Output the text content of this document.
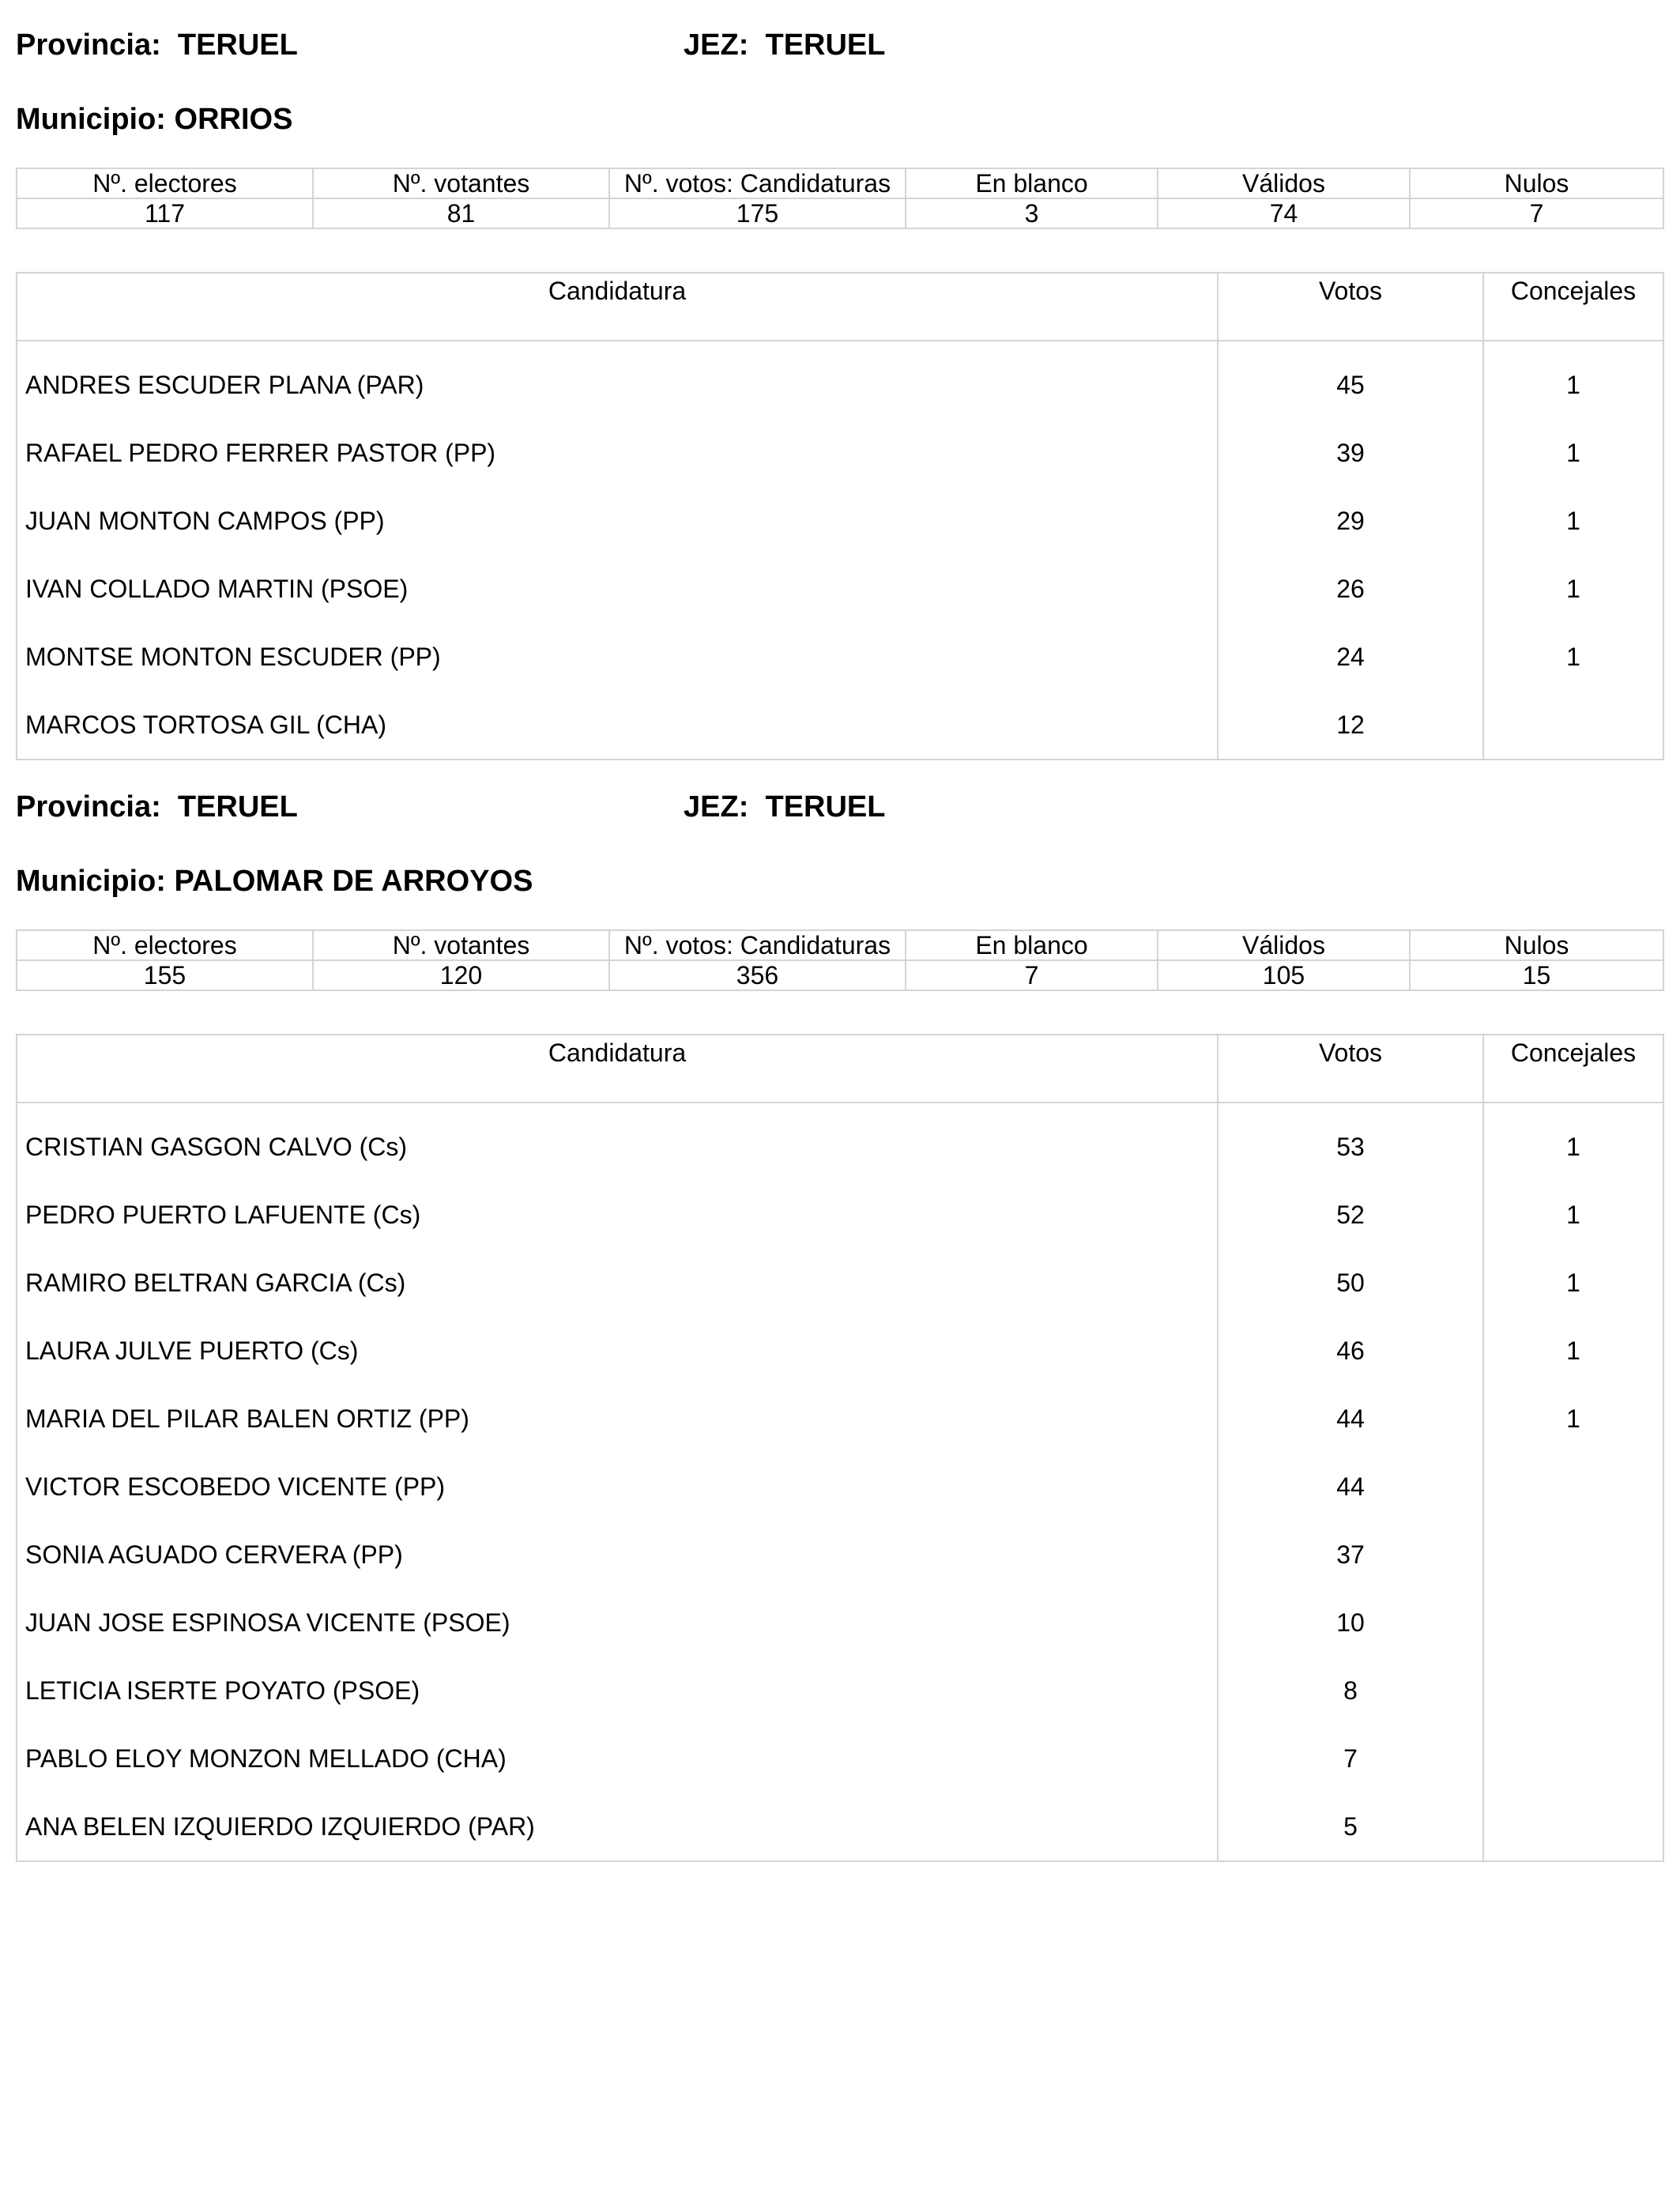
Provincia: TERUEL	JEZ: TERUEL
Municipio: ORRIOS
Nº. electores	Nº. votantes	Nº. votos: Candidaturas	En blanco	Válidos	Nulos
117	81	175	3	74	7
Candidatura	Votos	Concejales

ANDRES ESCUDER PLANA (PAR)	45	1
RAFAEL PEDRO FERRER PASTOR (PP)	39	1
JUAN MONTON CAMPOS (PP)	29	1
IVAN COLLADO MARTIN (PSOE)	26	1
MONTSE MONTON ESCUDER (PP)	24	1
MARCOS TORTOSA GIL (CHA)	12	
Provincia: TERUEL	JEZ: TERUEL
Municipio: PALOMAR DE ARROYOS
Nº. electores	Nº. votantes	Nº. votos: Candidaturas	En blanco	Válidos	Nulos
155	120	356	7	105	15
Candidatura	Votos	Concejales

CRISTIAN GASGON CALVO (Cs)	53	1
PEDRO PUERTO LAFUENTE (Cs)	52	1
RAMIRO BELTRAN GARCIA (Cs)	50	1
LAURA JULVE PUERTO (Cs)	46	1
MARIA DEL PILAR BALEN ORTIZ (PP)	44	1
VICTOR ESCOBEDO VICENTE (PP)	44	
SONIA AGUADO CERVERA (PP)	37	
JUAN JOSE ESPINOSA VICENTE (PSOE)	10	
LETICIA ISERTE POYATO (PSOE)	8	
PABLO ELOY MONZON MELLADO (CHA)	7	
ANA BELEN IZQUIERDO IZQUIERDO (PAR)	5	
